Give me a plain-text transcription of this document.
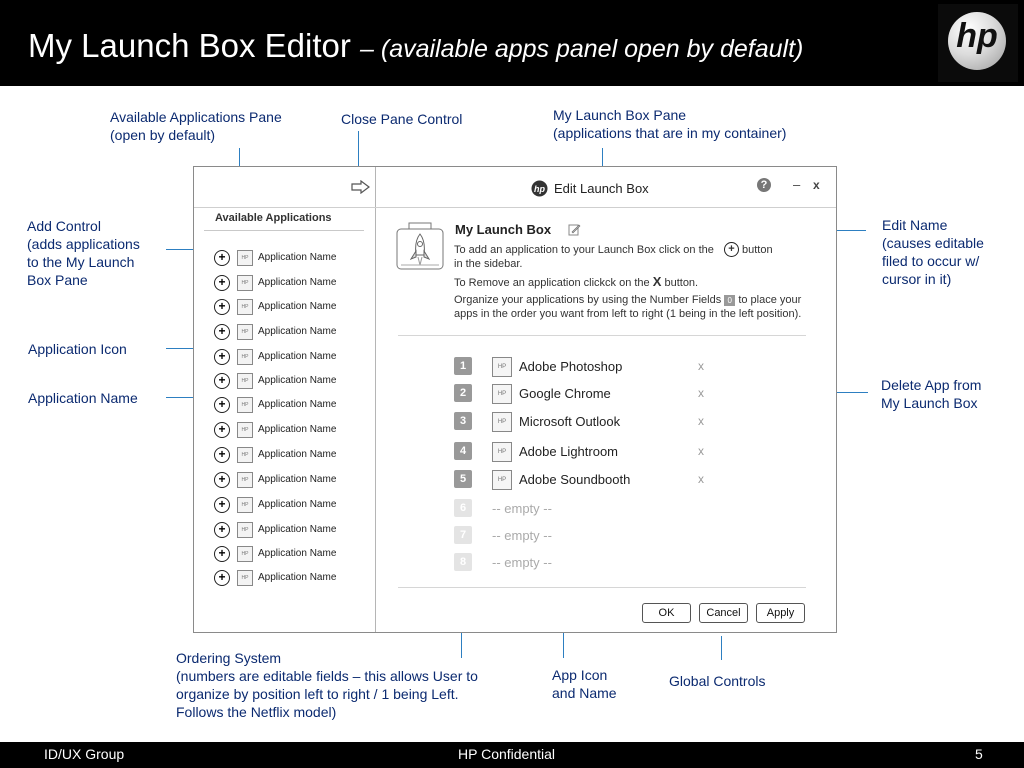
My Launch Box Editor – (available apps panel open by default)	hp
Available Applications Pane
(open by default)
Close Pane Control	My Launch Box Pane
(applications that are in my container)
Add Control
(adds applications
to the My Launch
Box Pane
Application Icon
Application Name
Edit Name
(causes editable
filed to occur w/
cursor in it)
Delete App from
My Launch Box
Ordering System
(numbers are editable fields – this allows User to
organize by position left to right / 1 being Left.
Follows the Netflix model)
App Icon
and Name
Global Controls
hp Edit Launch Box	? – x
Available Applications
+	HP Application Name
+	HP Application Name
+	HP Application Name
+	HP Application Name
+	HP Application Name
+	HP Application Name
+	HP Application Name
+	HP Application Name
+	HP Application Name
+	HP Application Name
+	HP Application Name
+	HP Application Name
+	HP Application Name
+	HP Application Name
My Launch Box
To add an application to your Launch Box click on the	+ button
in the sidebar.
To Remove an application clickck on the X button.
Organize your applications by using the Number Fields 0 to place your
apps in the order you want from left to right (1 being in the left position).
1	HP Adobe Photoshop	x
2	HP Google Chrome	x
3	HP Microsoft Outlook	x
4	HP Adobe Lightroom	x
5	HP Adobe Soundbooth	x
6	-- empty --
7	-- empty --
8	-- empty --
OK	Cancel	Apply
ID/UX Group	HP Confidential	5
